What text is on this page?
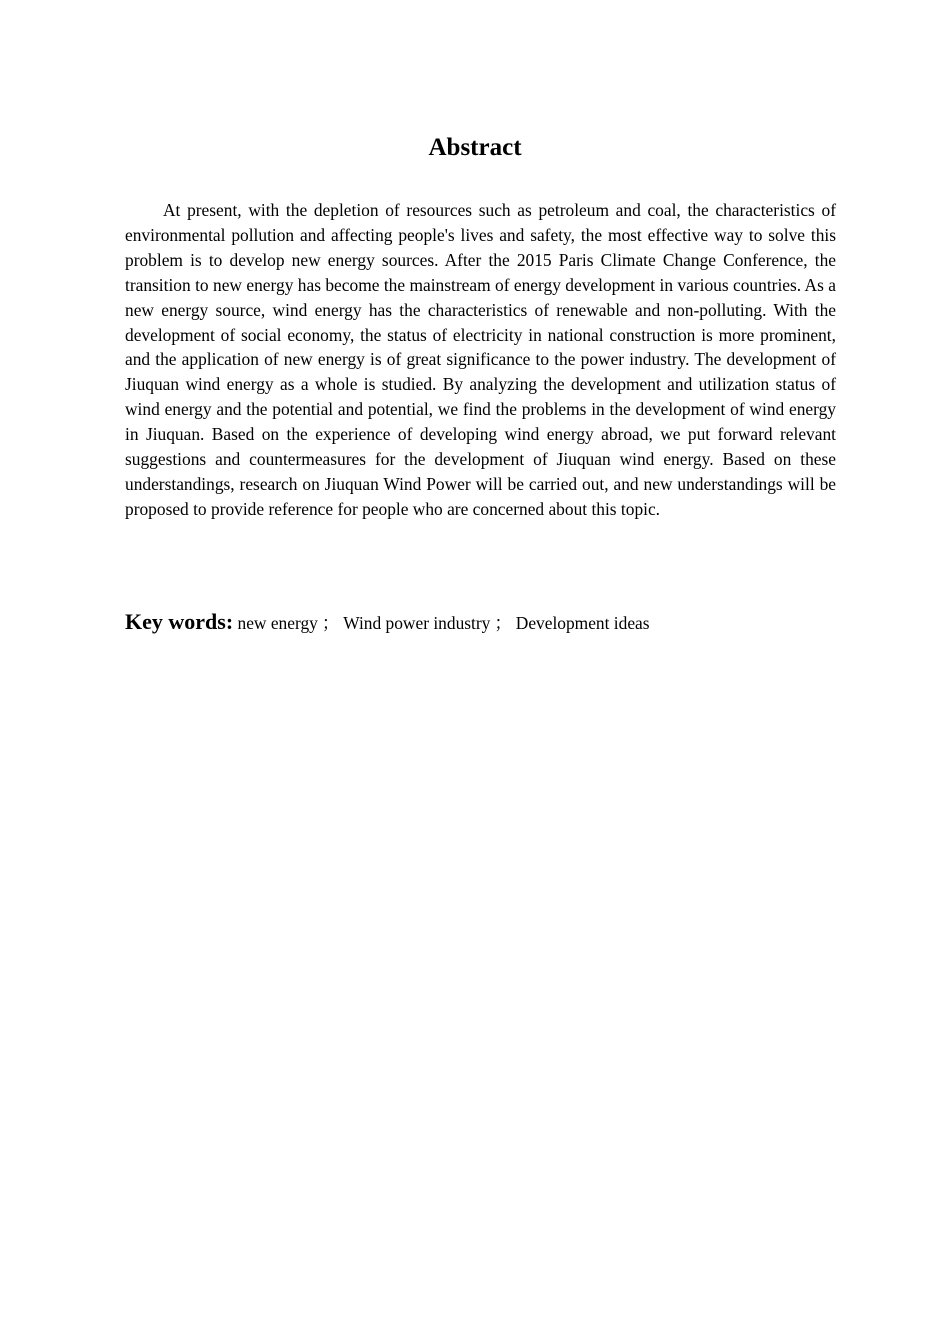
Abstract

At present, with the depletion of resources such as petroleum and coal, the characteristics of environmental pollution and affecting people's lives and safety, the most effective way to solve this problem is to develop new energy sources. After the 2015 Paris Climate Change Conference, the transition to new energy has become the mainstream of energy development in various countries. As a new energy source, wind energy has the characteristics of renewable and non-polluting. With the development of social economy, the status of electricity in national construction is more prominent, and the application of new energy is of great significance to the power industry. The development of Jiuquan wind energy as a whole is studied. By analyzing the development and utilization status of wind energy and the potential and potential, we find the problems in the development of wind energy in Jiuquan. Based on the experience of developing wind energy abroad, we put forward relevant suggestions and countermeasures for the development of Jiuquan wind energy. Based on these understandings, research on Jiuquan Wind Power will be carried out, and new understandings will be proposed to provide reference for people who are concerned about this topic.

Key words: new energy ； Wind power industry ； Development ideas
